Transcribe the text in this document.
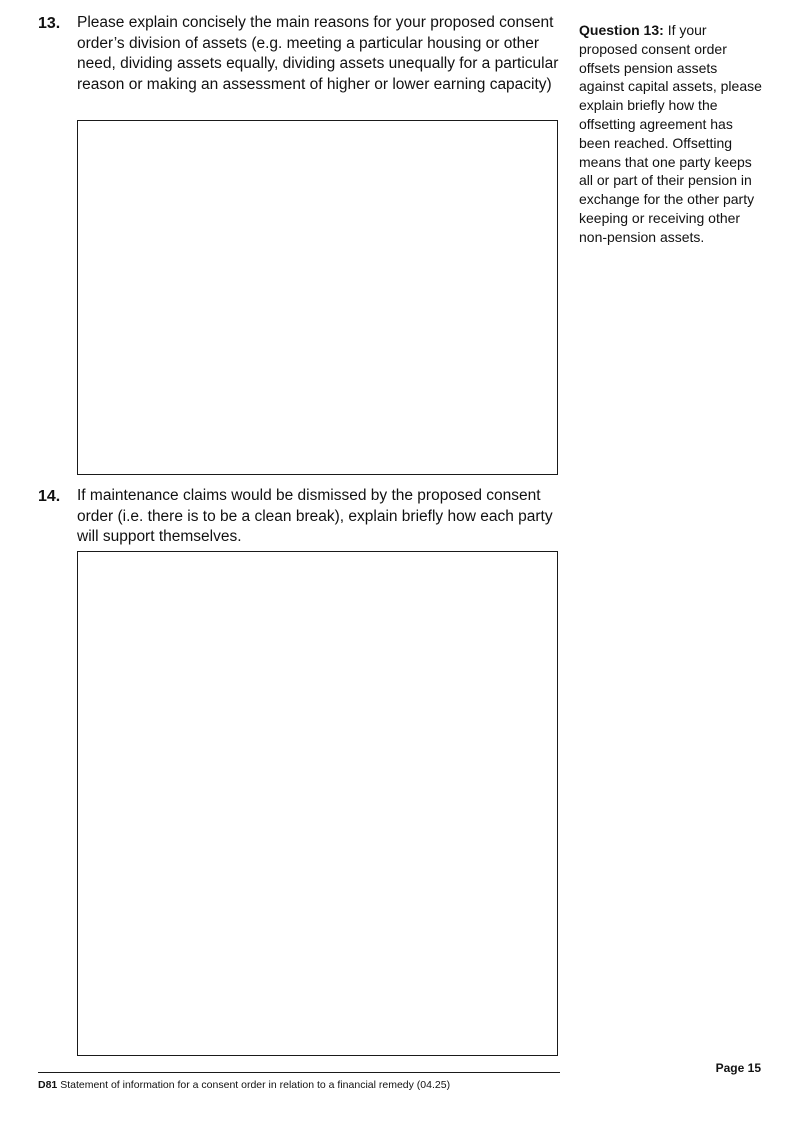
13. Please explain concisely the main reasons for your proposed consent order’s division of assets (e.g. meeting a particular housing or other need, dividing assets equally, dividing assets unequally for a particular reason or making an assessment of higher or lower earning capacity)

Question 13: If your proposed consent order offsets pension assets against capital assets, please explain briefly how the offsetting agreement has been reached. Offsetting means that one party keeps all or part of their pension in exchange for the other party keeping or receiving other non-pension assets.

14. If maintenance claims would be dismissed by the proposed consent order (i.e. there is to be a clean break), explain briefly how each party will support themselves.

D81 Statement of information for a consent order in relation to a financial remedy (04.25)
Page 15
